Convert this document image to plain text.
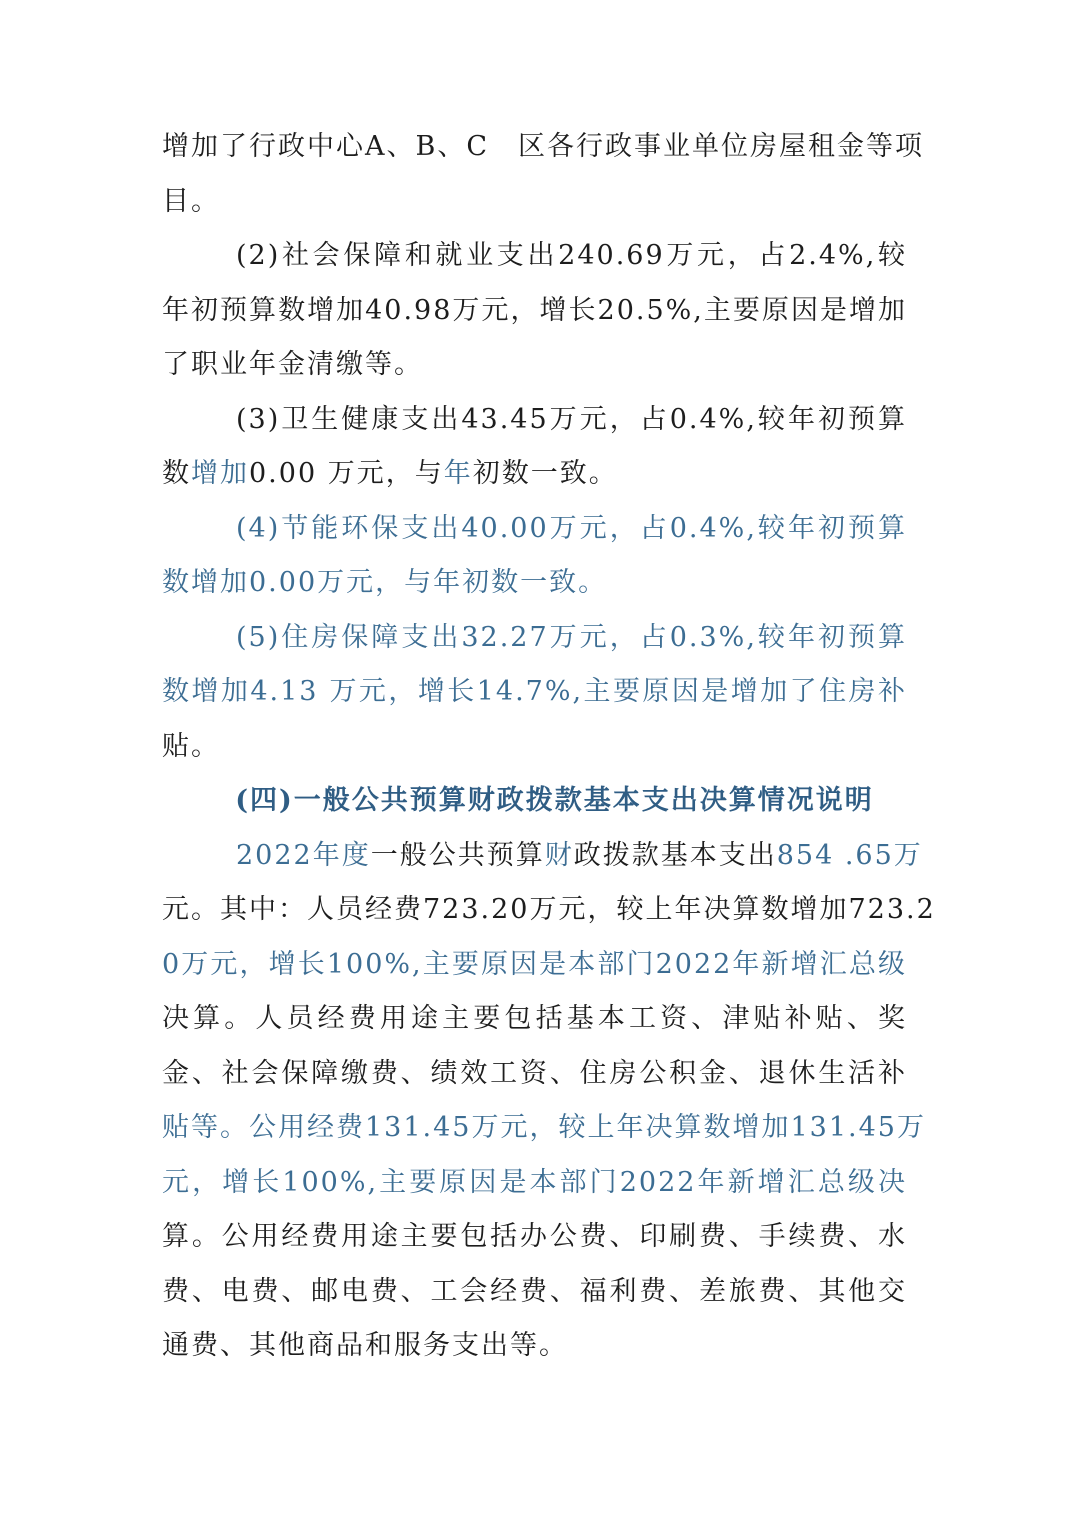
增加了行政中心A、B、C　区各行政事业单位房屋租金等项
目。
(2)社会保障和就业支出240.69万元，占2.4%,较
年初预算数增加40.98万元，增长20.5%,主要原因是增加
了职业年金清缴等。
(3)卫生健康支出43.45万元，占0.4%,较年初预算
数增加0.00 万元，与年初数一致。
(4)节能环保支出40.00万元，占0.4%,较年初预算
数增加0.00万元，与年初数一致。
(5)住房保障支出32.27万元，占0.3%,较年初预算
数增加4.13 万元，增长14.7%,主要原因是增加了住房补
贴。
(四)一般公共预算财政拨款基本支出决算情况说明
2022年度一般公共预算财政拨款基本支出854 .65万
元。其中：人员经费723.20万元，较上年决算数增加723.2
0万元，增长100%,主要原因是本部门2022年新增汇总级
决算。人员经费用途主要包括基本工资、津贴补贴、奖
金、社会保障缴费、绩效工资、住房公积金、退休生活补
贴等。公用经费131.45万元，较上年决算数增加131.45万
元，增长100%,主要原因是本部门2022年新增汇总级决
算。公用经费用途主要包括办公费、印刷费、手续费、水
费、电费、邮电费、工会经费、福利费、差旅费、其他交
通费、其他商品和服务支出等。
